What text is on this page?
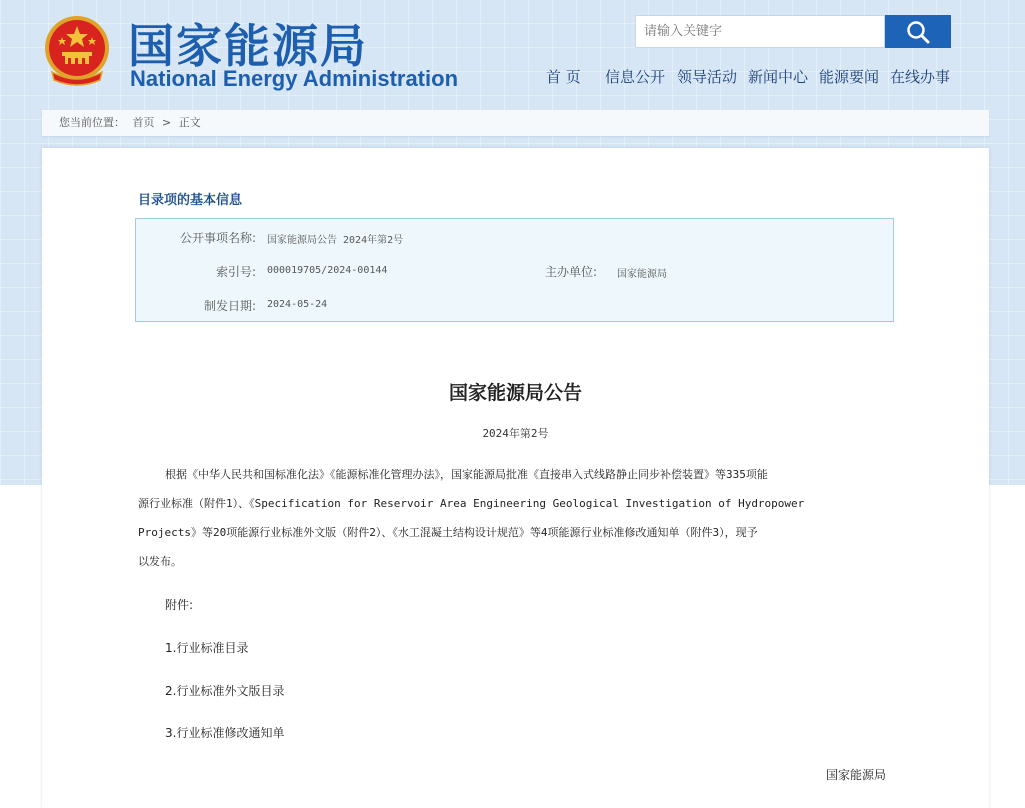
国家能源局
National Energy Administration
请输入关键字	首 页 信息公开 领导活动 新闻中心 能源要闻 在线办事
您当前位置： 首页 > 正文
目录项的基本信息
公开事项名称: 国家能源局公告 2024年第2号
索引号: 000019705/2024-00144	主办单位: 国家能源局
制发日期: 2024-05-24
国家能源局公告
2024年第2号
根据《中华人民共和国标准化法》《能源标准化管理办法》，国家能源局批准《直接串入式线路静止同步补偿装置》等335项能
源行业标准（附件1）、《Specification for Reservoir Area Engineering Geological Investigation of Hydropower
Projects》等20项能源行业标准外文版（附件2）、《水工混凝土结构设计规范》等4项能源行业标准修改通知单（附件3），现予
以发布。
附件:
1.行业标准目录
2.行业标准外文版目录
3.行业标准修改通知单
国家能源局
